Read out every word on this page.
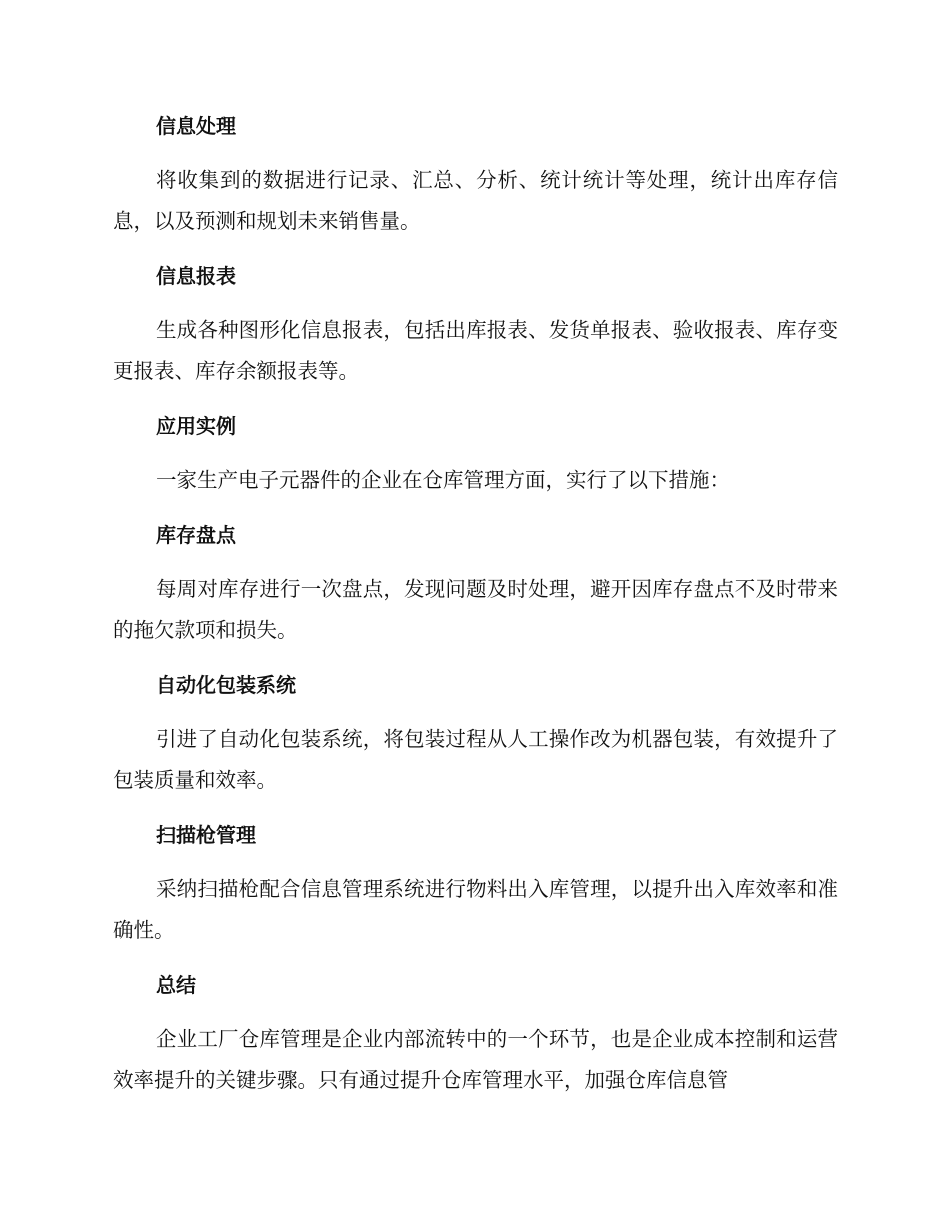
信息处理
将收集到的数据进行记录、汇总、分析、统计统计等处理，统计出库存信息，以及预测和规划未来销售量。
信息报表
生成各种图形化信息报表，包括出库报表、发货单报表、验收报表、库存变更报表、库存余额报表等。
应用实例
一家生产电子元器件的企业在仓库管理方面，实行了以下措施：
库存盘点
每周对库存进行一次盘点，发现问题及时处理，避开因库存盘点不及时带来的拖欠款项和损失。
自动化包装系统
引进了自动化包装系统，将包装过程从人工操作改为机器包装，有效提升了包装质量和效率。
扫描枪管理
采纳扫描枪配合信息管理系统进行物料出入库管理，以提升出入库效率和准确性。
总结
企业工厂仓库管理是企业内部流转中的一个环节，也是企业成本控制和运营效率提升的关键步骤。只有通过提升仓库管理水平，加强仓库信息管
